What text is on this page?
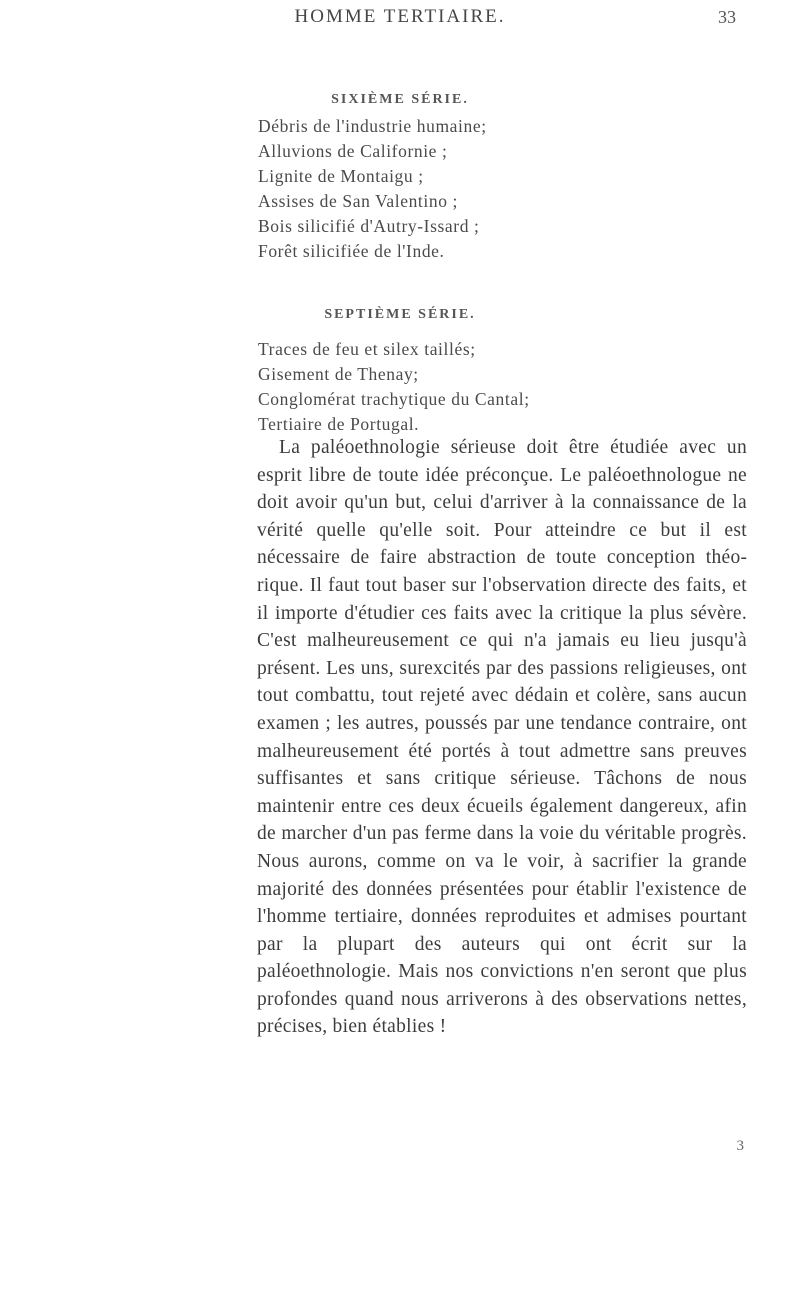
HOMME TERTIAIRE.	33
SIXIÈME SÉRIE.
Débris de l'industrie humaine;
Alluvions de Californie ;
Lignite de Montaigu ;
Assises de San Valentino ;
Bois silicifié d'Autry-Issard ;
Forêt silicifiée de l'Inde.
SEPTIÈME SÉRIE.
Traces de feu et silex taillés;
Gisement de Thenay;
Conglomérat trachytique du Cantal;
Tertiaire de Portugal.

La paléoethnologie sérieuse doit être étudiée avec un esprit libre de toute idée préconçue. Le paléoethnologue ne doit avoir qu'un but, celui d'arriver à la connaissance de la vérité quelle qu'elle soit. Pour atteindre ce but il est nécessaire de faire abstraction de toute conception théorique. Il faut tout baser sur l'observation directe des faits, et il importe d'étudier ces faits avec la critique la plus sévère. C'est malheureusement ce qui n'a jamais eu lieu jusqu'à présent. Les uns, surexcités par des passions religieuses, ont tout combattu, tout rejeté avec dédain et colère, sans aucun examen ; les autres, poussés par une tendance contraire, ont malheureusement été portés à tout admettre sans preuves suffisantes et sans critique sérieuse. Tâchons de nous maintenir entre ces deux écueils également dangereux, afin de marcher d'un pas ferme dans la voie du véritable progrès. Nous aurons, comme on va le voir, à sacrifier la grande majorité des données présentées pour établir l'existence de l'homme tertiaire, données reproduites et admises pourtant par la plupart des auteurs qui ont écrit sur la paléoethnologie. Mais nos convictions n'en seront que plus profondes quand nous arriverons à des observations nettes, précises, bien établies !

3
